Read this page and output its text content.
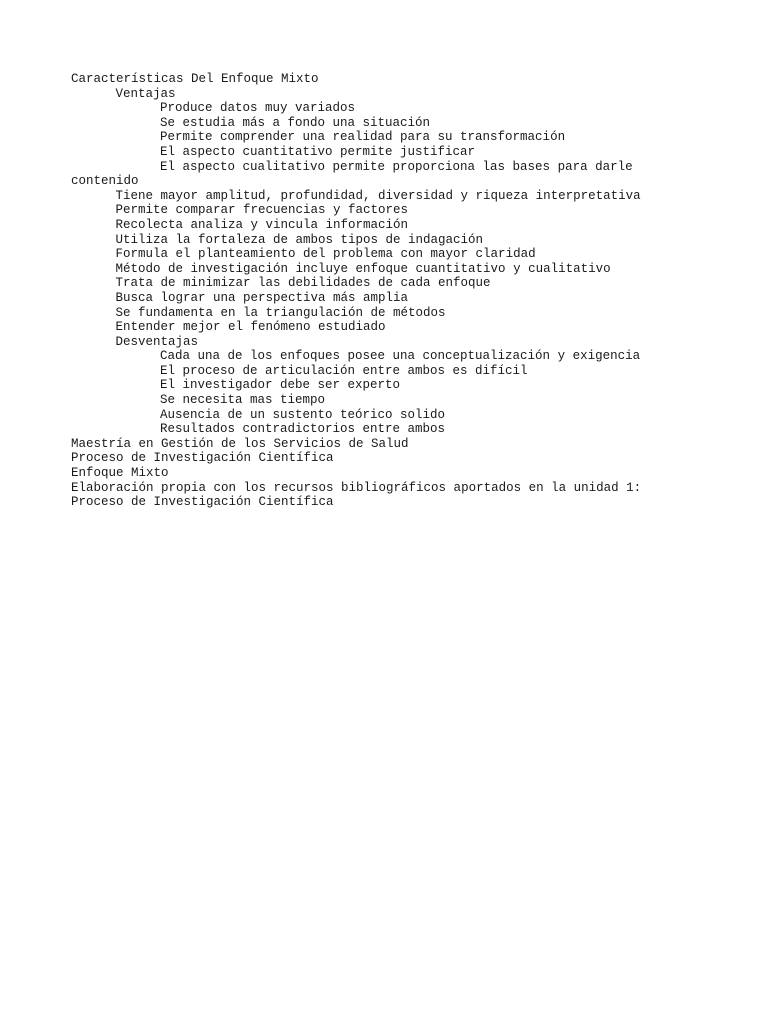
Características Del Enfoque Mixto
Ventajas
Produce datos muy variados
Se estudia más a fondo una situación
Permite comprender una realidad para su transformación
El aspecto cuantitativo permite justificar
El aspecto cualitativo permite proporciona las bases para darle
contenido
Tiene mayor amplitud, profundidad, diversidad y riqueza interpretativa
Permite comparar frecuencias y factores
Recolecta analiza y vincula información
Utiliza la fortaleza de ambos tipos de indagación
Formula el planteamiento del problema con mayor claridad
Método de investigación incluye enfoque cuantitativo y cualitativo
Trata de minimizar las debilidades de cada enfoque
Busca lograr una perspectiva más amplia
Se fundamenta en la triangulación de métodos
Entender mejor el fenómeno estudiado
Desventajas
Cada una de los enfoques posee una conceptualización y exigencia
El proceso de articulación entre ambos es difícil
El investigador debe ser experto
Se necesita mas tiempo
Ausencia de un sustento teórico solido
Resultados contradictorios entre ambos
Maestría en Gestión de los Servicios de Salud
Proceso de Investigación Científica
Enfoque Mixto
Elaboración propia con los recursos bibliográficos aportados en la unidad 1:
Proceso de Investigación Científica
